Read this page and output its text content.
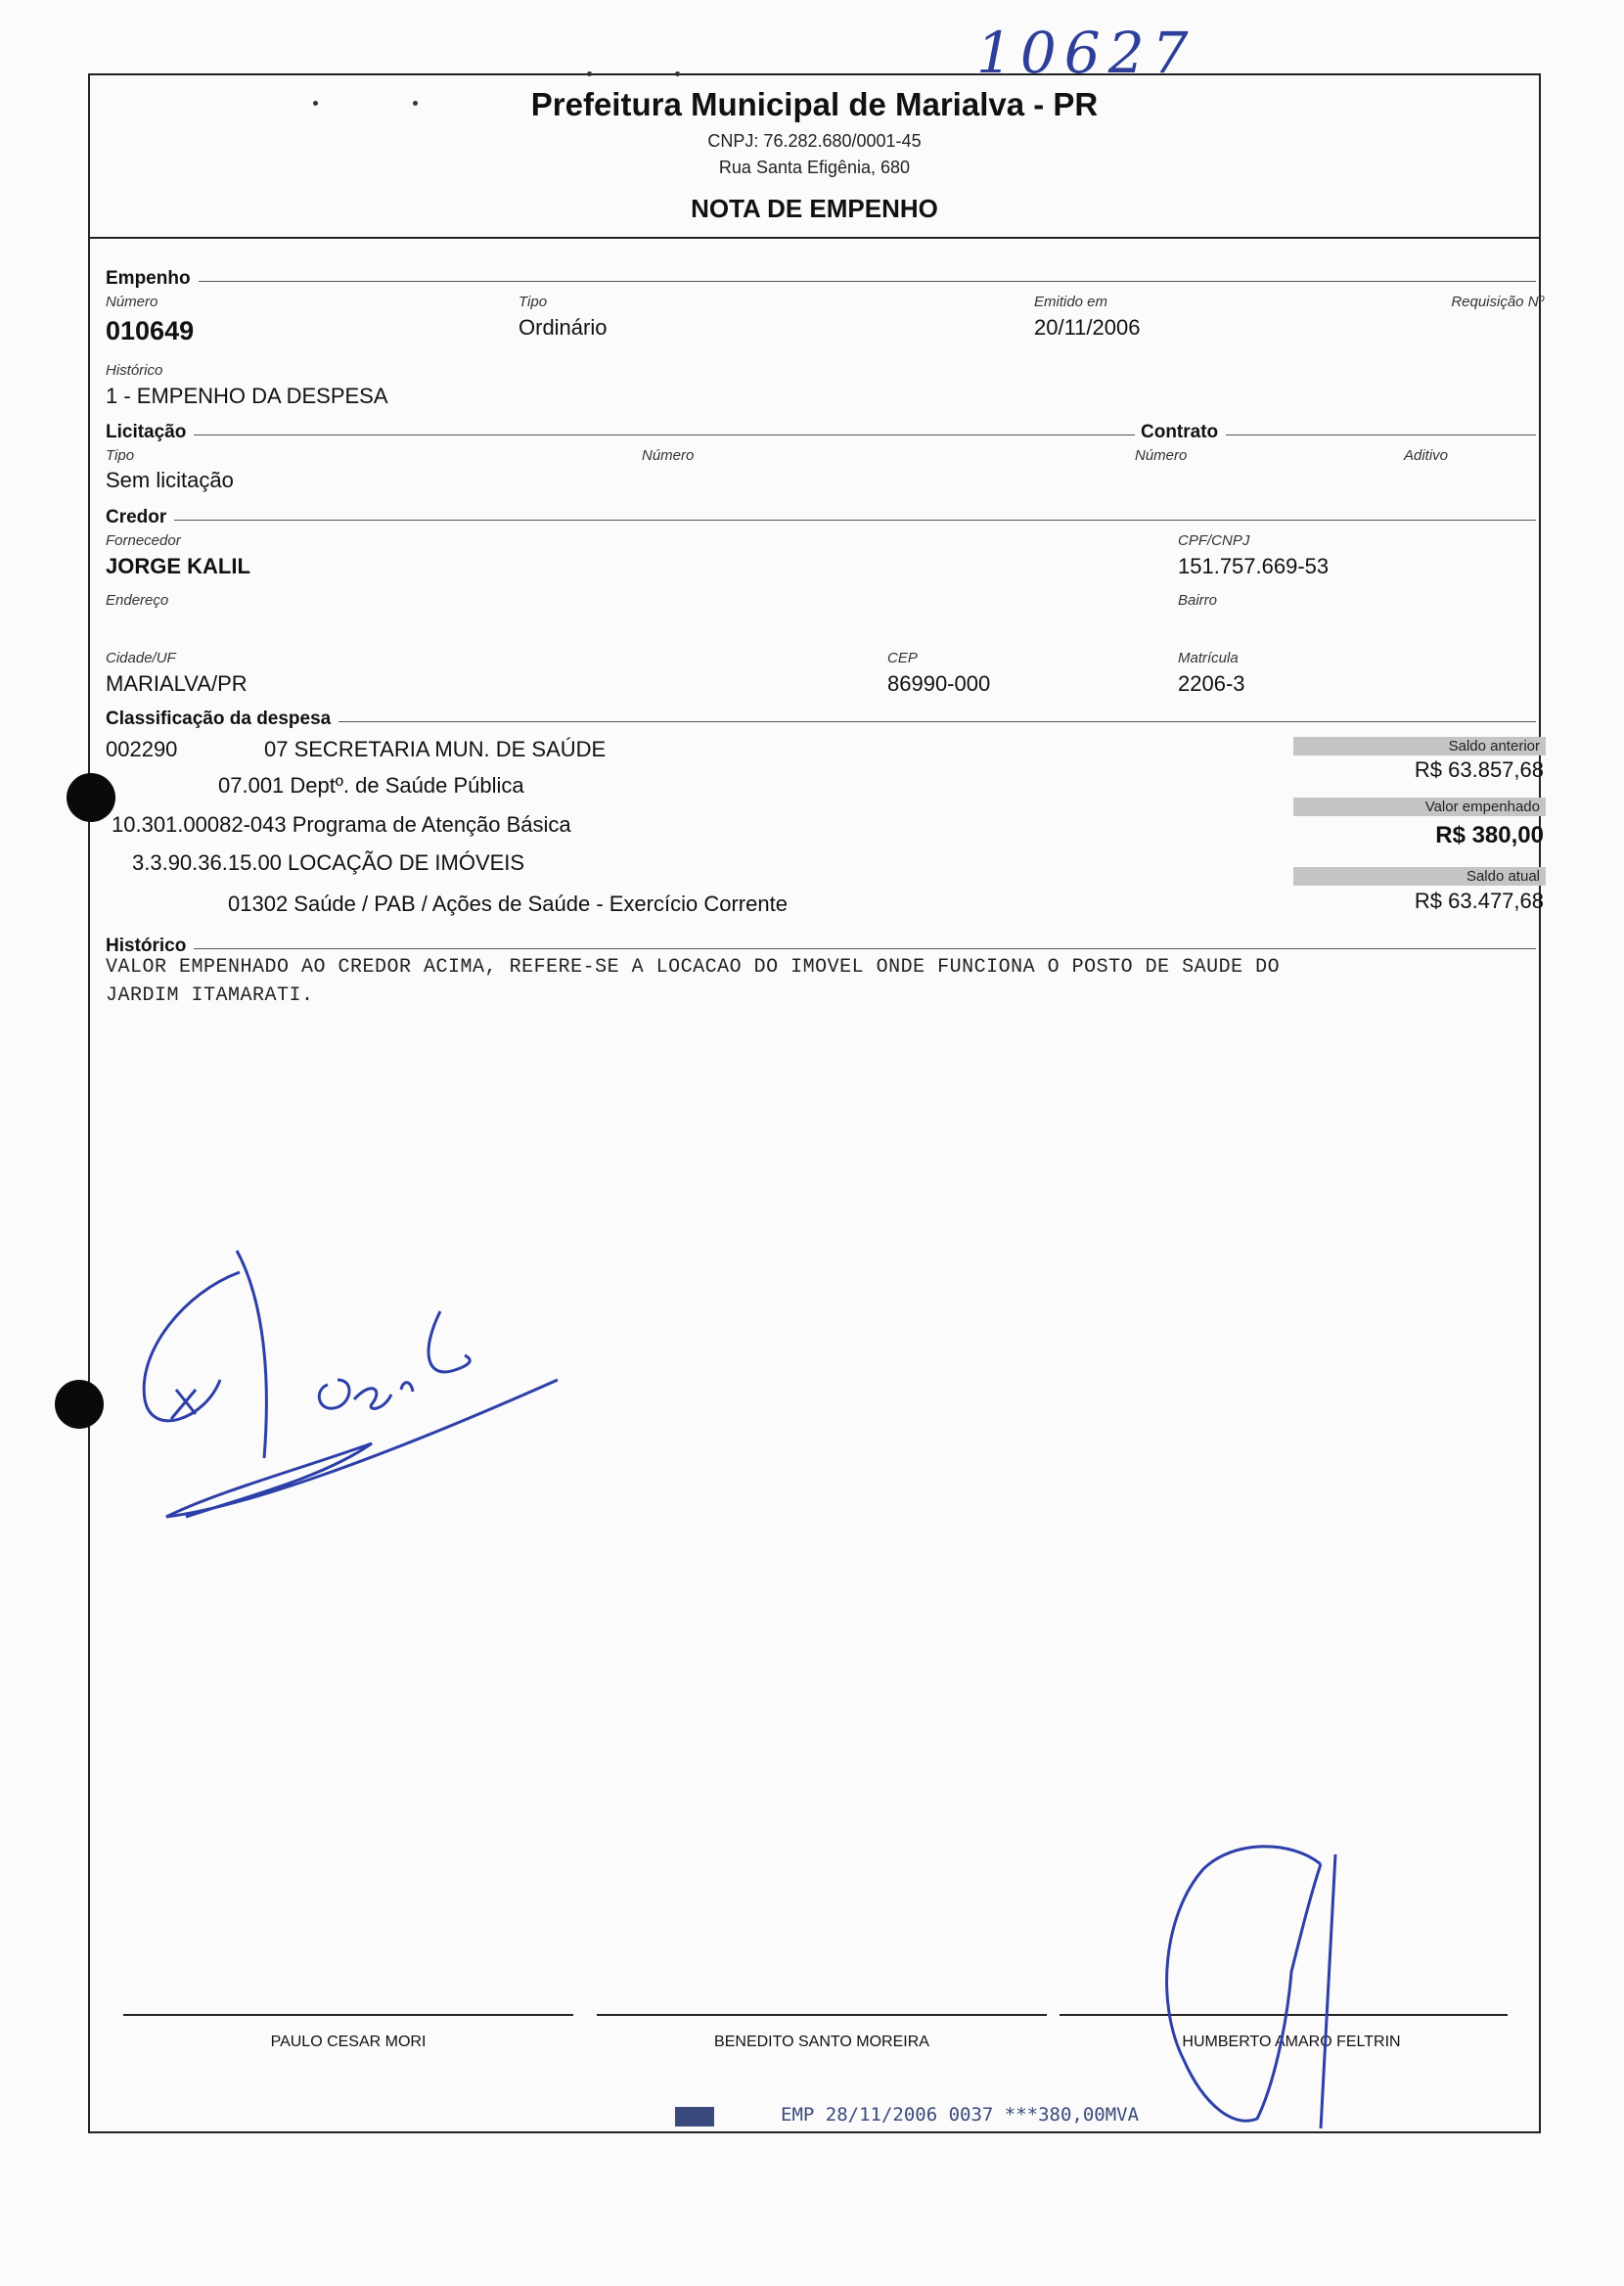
10627
Prefeitura Municipal de Marialva - PR
CNPJ: 76.282.680/0001-45
Rua Santa Efigênia, 680
NOTA DE EMPENHO
Empenho
Número
010649
Tipo
Ordinário
Emitido em
20/11/2006
Requisição Nº
Histórico
1 - EMPENHO DA DESPESA
Licitação	Contrato
Tipo
Sem licitação
Número	Número	Aditivo
Credor
Fornecedor
JORGE KALIL
CPF/CNPJ
151.757.669-53
Endereço	Bairro
Cidade/UF
MARIALVA/PR
CEP
86990-000
Matrícula
2206-3
Classificação da despesa
002290	07 SECRETARIA MUN. DE SAÚDE
07.001 Deptº. de Saúde Pública
10.301.00082-043 Programa de Atenção Básica
3.3.90.36.15.00 LOCAÇÃO DE IMÓVEIS
01302 Saúde / PAB / Ações de Saúde - Exercício Corrente
Saldo anterior
R$ 63.857,68
Valor empenhado
R$ 380,00
Saldo atual
R$ 63.477,68
Histórico
VALOR EMPENHADO AO CREDOR ACIMA, REFERE-SE A LOCACAO DO IMOVEL ONDE FUNCIONA O POSTO DE SAUDE DO
JARDIM ITAMARATI.
PAULO CESAR MORI	BENEDITO SANTO MOREIRA	HUMBERTO AMARO FELTRIN
EMP 28/11/2006 0037 ***380,00MVA
